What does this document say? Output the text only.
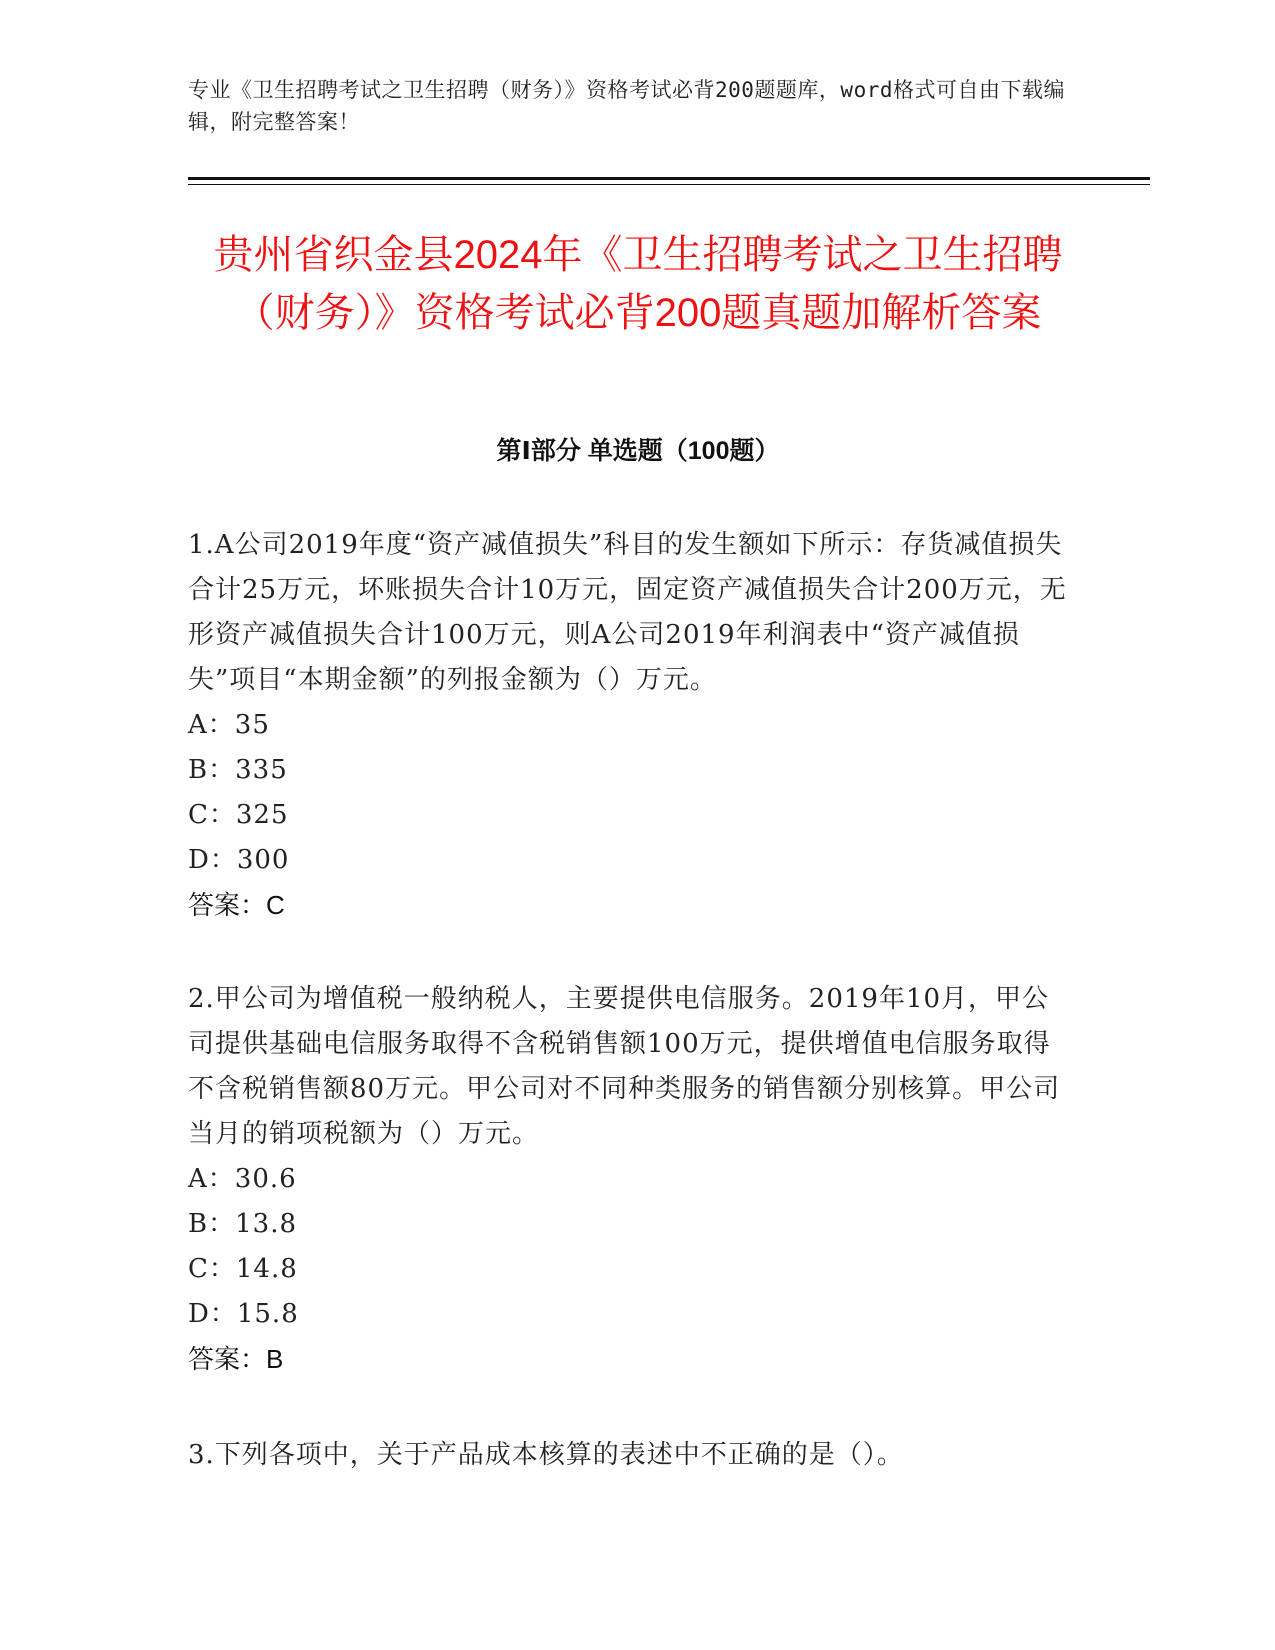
专业《卫生招聘考试之卫生招聘（财务）》资格考试必背200题题库，word格式可自由下载编辑，附完整答案！
贵州省织金县2024年《卫生招聘考试之卫生招聘（财务）》资格考试必背200题真题加解析答案
第Ⅰ部分 单选题（100题）

1.A公司2019年度“资产减值损失”科目的发生额如下所示：存货减值损失合计25万元，坏账损失合计10万元，固定资产减值损失合计200万元，无形资产减值损失合计100万元，则A公司2019年利润表中“资产减值损失”项目“本期金额”的列报金额为（）万元。

A：35

B：335

C：325

D：300

答案：C

2.甲公司为增值税一般纳税人，主要提供电信服务。2019年10月，甲公司提供基础电信服务取得不含税销售额100万元，提供增值电信服务取得不含税销售额80万元。甲公司对不同种类服务的销售额分别核算。甲公司当月的销项税额为（）万元。

A：30.6

B：13.8

C：14.8

D：15.8

答案：B

3.下列各项中，关于产品成本核算的表述中不正确的是（）。
